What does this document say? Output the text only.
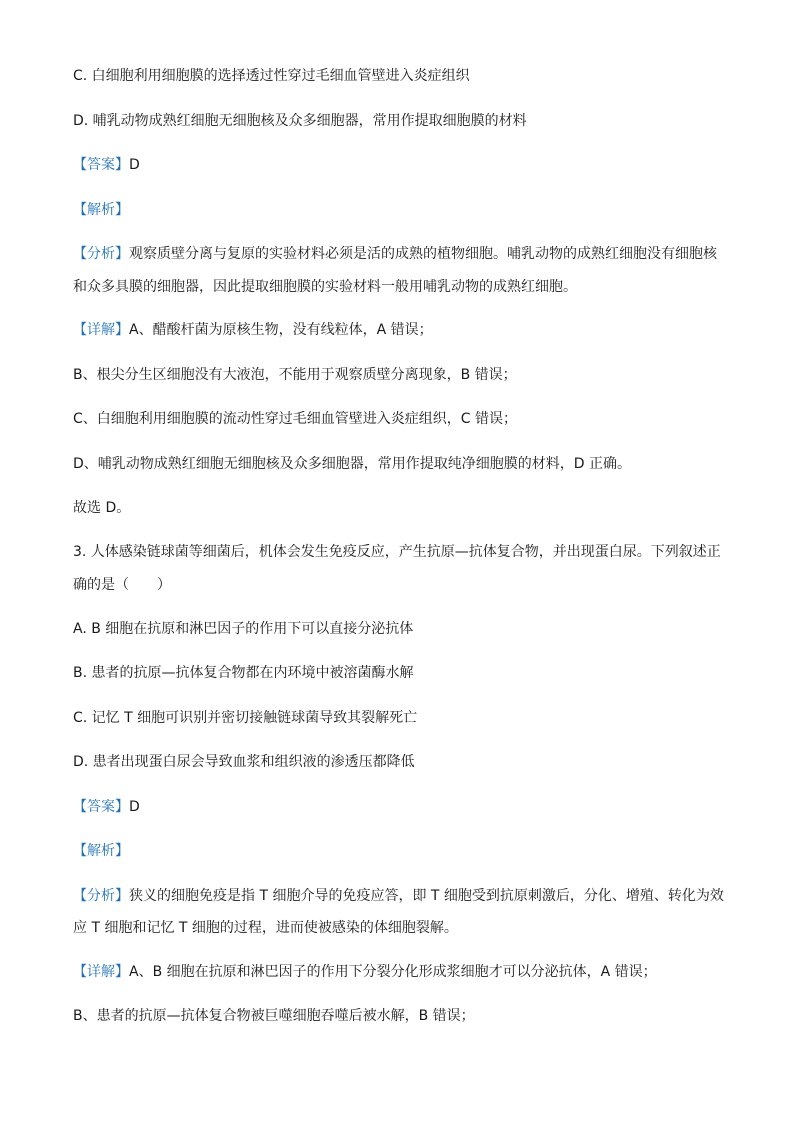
C. 白细胞利用细胞膜的选择透过性穿过毛细血管壁进入炎症组织
D. 哺乳动物成熟红细胞无细胞核及众多细胞器，常用作提取细胞膜的材料
【答案】D
【解析】
【分析】观察质壁分离与复原的实验材料必须是活的成熟的植物细胞。哺乳动物的成熟红细胞没有细胞核
和众多具膜的细胞器，因此提取细胞膜的实验材料一般用哺乳动物的成熟红细胞。
【详解】A、醋酸杆菌为原核生物，没有线粒体，A 错误；
B、根尖分生区细胞没有大液泡，不能用于观察质壁分离现象，B 错误；
C、白细胞利用细胞膜的流动性穿过毛细血管壁进入炎症组织，C 错误；
D、哺乳动物成熟红细胞无细胞核及众多细胞器，常用作提取纯净细胞膜的材料，D 正确。
故选 D。
3. 人体感染链球菌等细菌后，机体会发生免疫反应，产生抗原—抗体复合物，并出现蛋白尿。下列叙述正
确的是（　　）
A. B 细胞在抗原和淋巴因子的作用下可以直接分泌抗体
B. 患者的抗原—抗体复合物都在内环境中被溶菌酶水解
C. 记忆 T 细胞可识别并密切接触链球菌导致其裂解死亡
D. 患者出现蛋白尿会导致血浆和组织液的渗透压都降低
【答案】D
【解析】
【分析】狭义的细胞免疫是指 T 细胞介导的免疫应答，即 T 细胞受到抗原刺激后，分化、增殖、转化为效
应 T 细胞和记忆 T 细胞的过程，进而使被感染的体细胞裂解。
【详解】A、B 细胞在抗原和淋巴因子的作用下分裂分化形成浆细胞才可以分泌抗体，A 错误；
B、患者的抗原—抗体复合物被巨噬细胞吞噬后被水解，B 错误；
